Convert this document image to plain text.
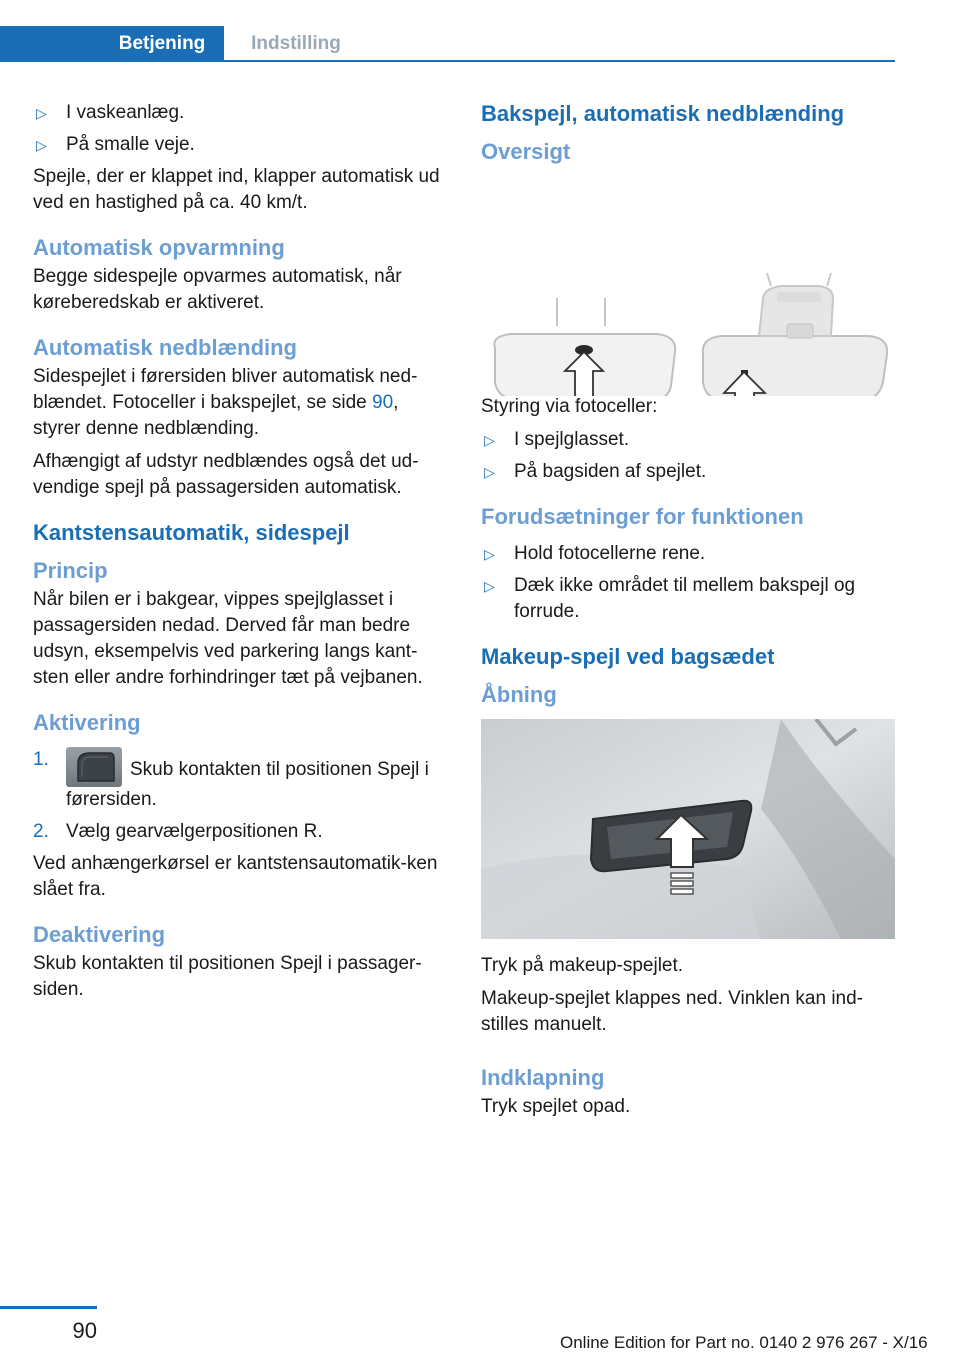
Betjening	Indstilling
▷ I vaskeanlæg.
▷ På smalle veje.

Spejle, der er klappet ind, klapper automatisk ud ved en hastighed på ca. 40 km/t.

Automatisk opvarmning

Begge sidespejle opvarmes automatisk, når køreberedskab er aktiveret.

Automatisk nedblænding

Sidespejlet i førersiden bliver automatisk ned‐blændet. Fotoceller i bakspejlet, se side 90, styrer denne nedblænding.

Afhængigt af udstyr nedblændes også det ud‐vendige spejl på passagersiden automatisk.

Kantstensautomatik, sidespejl
Princip

Når bilen er i bakgear, vippes spejlglasset i passagersiden nedad. Derved får man bedre udsyn, eksempelvis ved parkering langs kant‐sten eller andre forhindringer tæt på vejbanen.

Aktivering
1.	Skub kontakten til positionen Spejl i førersiden.
2. Vælg gearvælgerpositionen R.

Ved anhængerkørsel er kantstensautomatik‐ken slået fra.

Deaktivering

Skub kontakten til positionen Spejl i passager‐siden.

Bakspejl, automatisk nedblænding
Oversigt

Styring via fotoceller:

▷ I spejlglasset.
▷ På bagsiden af spejlet.
Forudsætninger for funktionen
▷ Hold fotocellerne rene.
▷ Dæk ikke området til mellem bakspejl og forrude.
Makeup-spejl ved bagsædet
Åbning

Tryk på makeup-spejlet.

Makeup-spejlet klappes ned. Vinklen kan ind‐stilles manuelt.

Indklapning

Tryk spejlet opad.

90	Online Edition for Part no. 0140 2 976 267 - X/16
